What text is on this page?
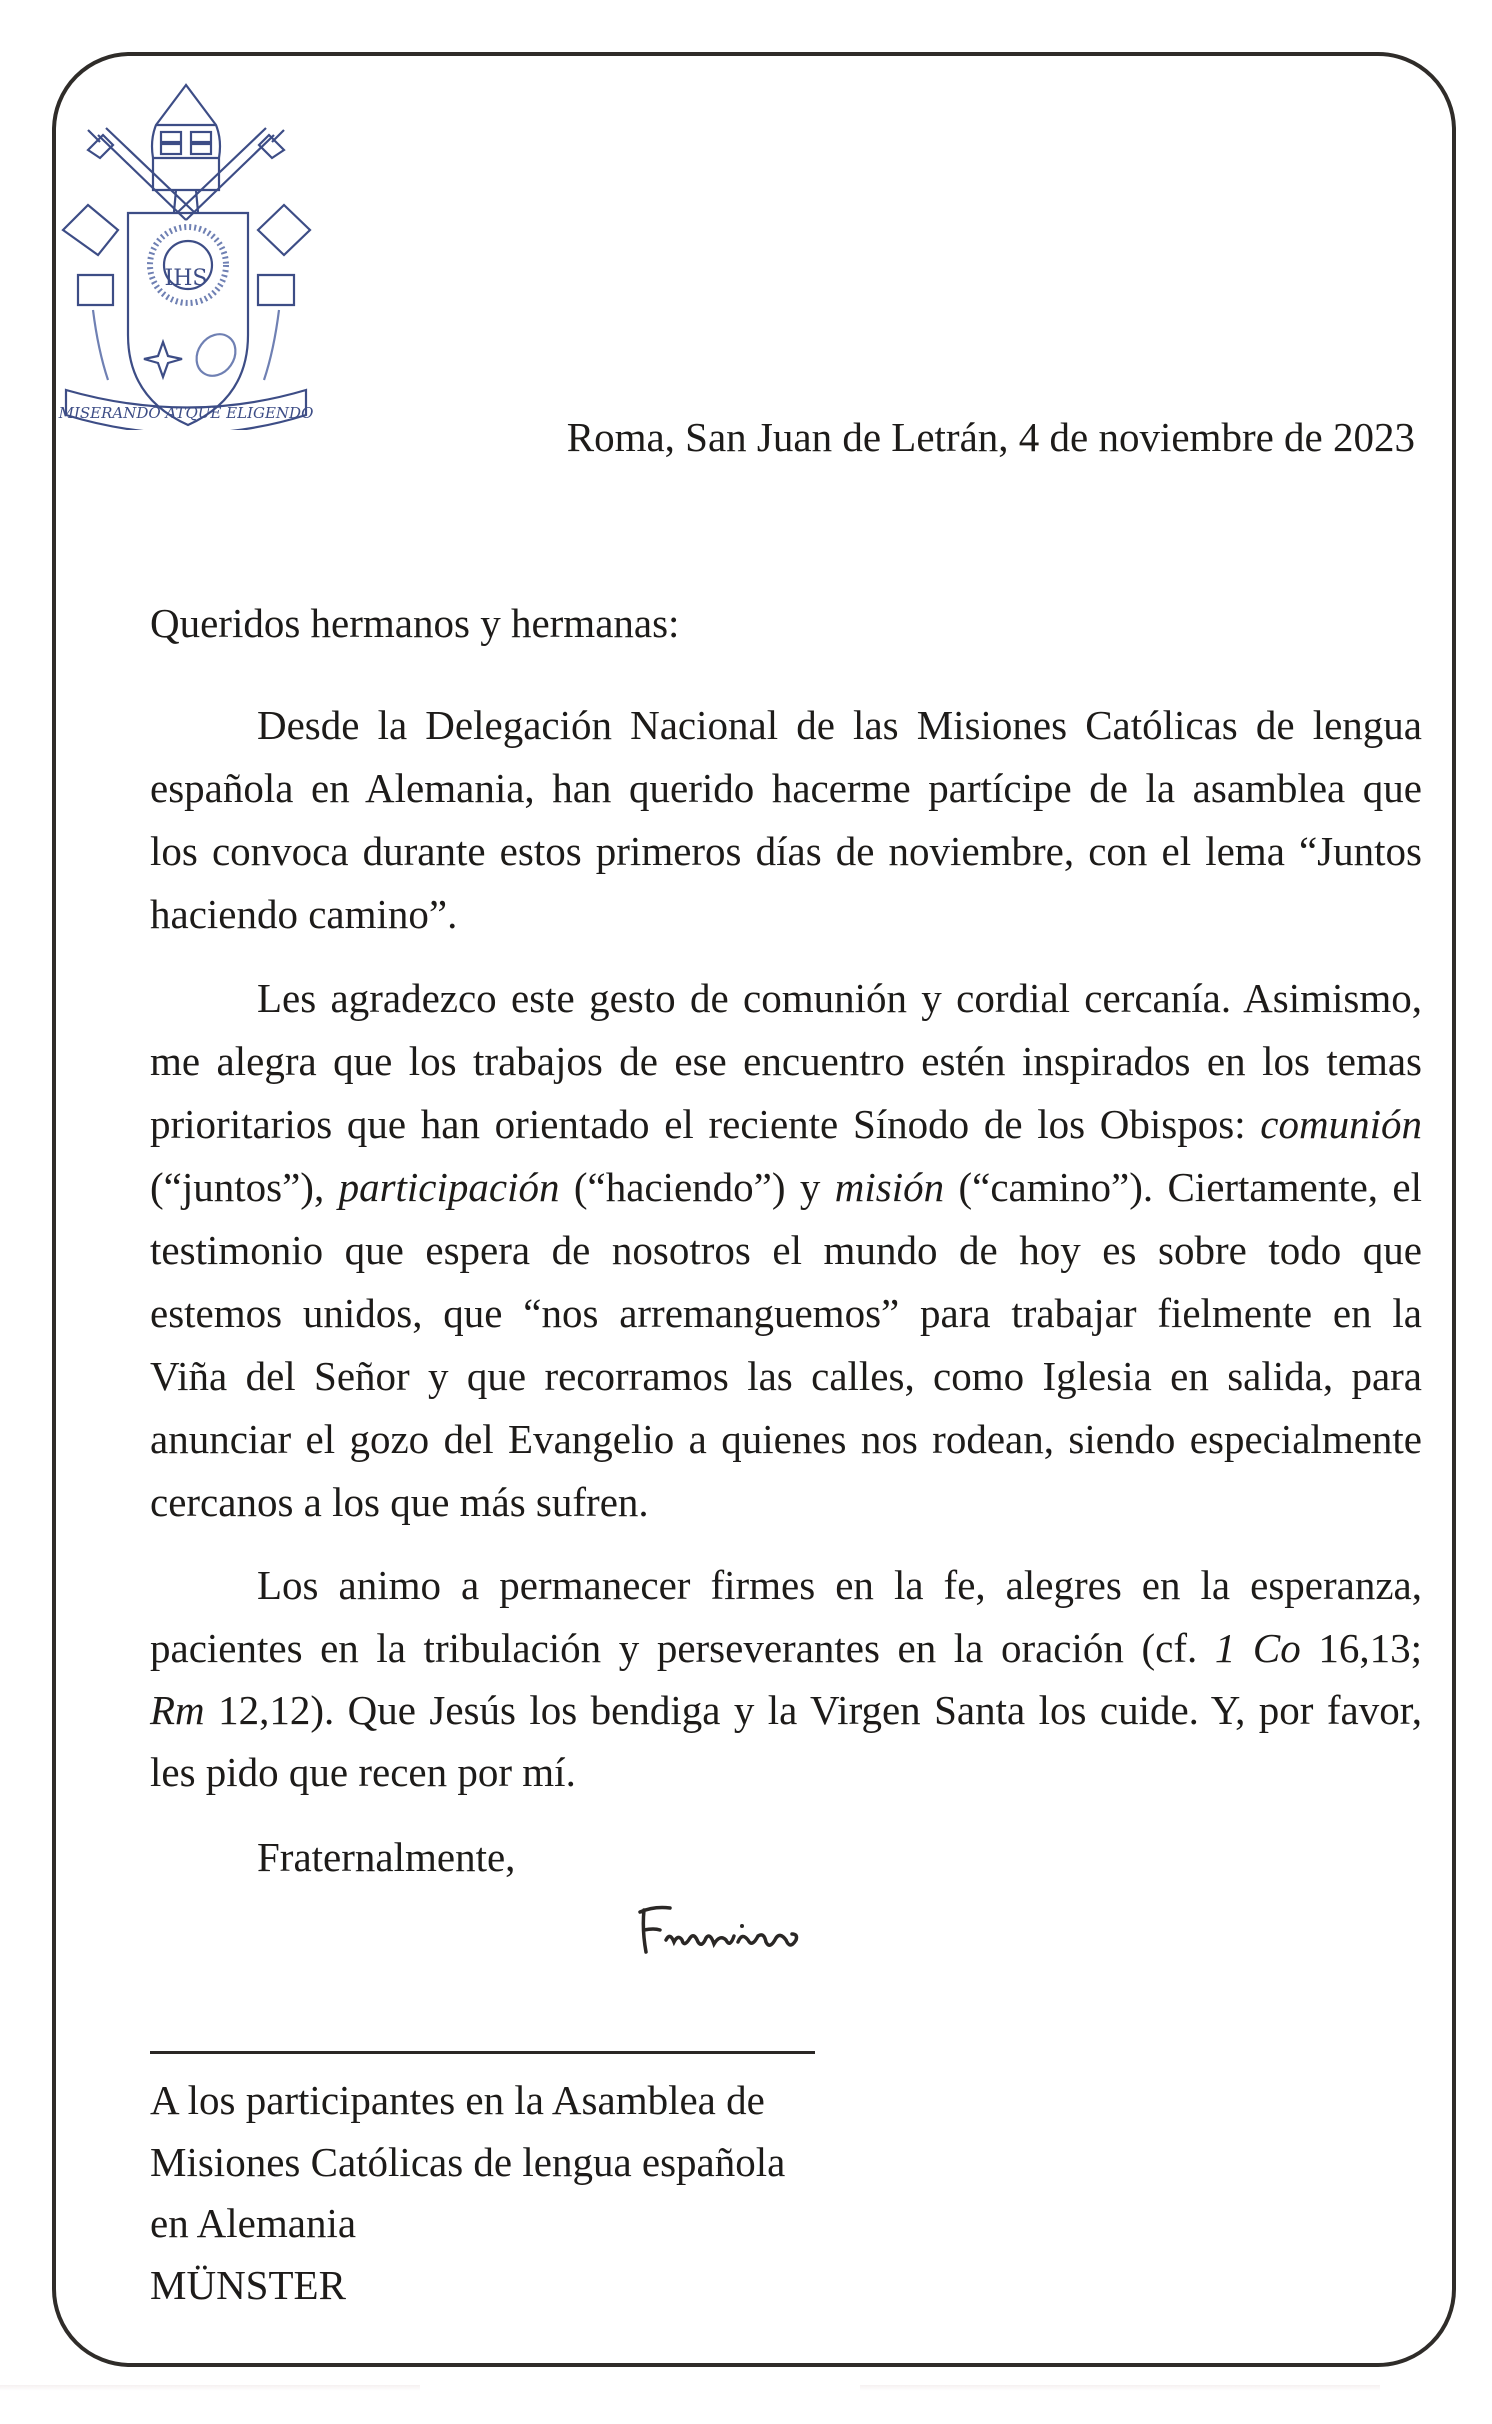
IHS
MISERANDO ATQUE ELIGENDO
Roma, San Juan de Letrán, 4 de noviembre de 2023
Queridos hermanos y hermanas:
Desde la Delegación Nacional de las Misiones Católicas de lengua
española en Alemania, han querido hacerme partícipe de la asamblea que
los convoca durante estos primeros días de noviembre, con el lema “Juntos
haciendo camino”.
Les agradezco este gesto de comunión y cordial cercanía. Asimismo,
me alegra que los trabajos de ese encuentro estén inspirados en los temas
prioritarios que han orientado el reciente Sínodo de los Obispos: comunión
(“juntos”), participación (“haciendo”) y misión (“camino”). Ciertamente, el
testimonio que espera de nosotros el mundo de hoy es sobre todo que
estemos unidos, que “nos arremanguemos” para trabajar fielmente en la
Viña del Señor y que recorramos las calles, como Iglesia en salida, para
anunciar el gozo del Evangelio a quienes nos rodean, siendo especialmente
cercanos a los que más sufren.
Los animo a permanecer firmes en la fe, alegres en la esperanza,
pacientes en la tribulación y perseverantes en la oración (cf. 1 Co 16,13;
Rm 12,12). Que Jesús los bendiga y la Virgen Santa los cuide. Y, por favor,
les pido que recen por mí.
Fraternalmente,
A los participantes en la Asamblea de
Misiones Católicas de lengua española
en Alemania
MÜNSTER
